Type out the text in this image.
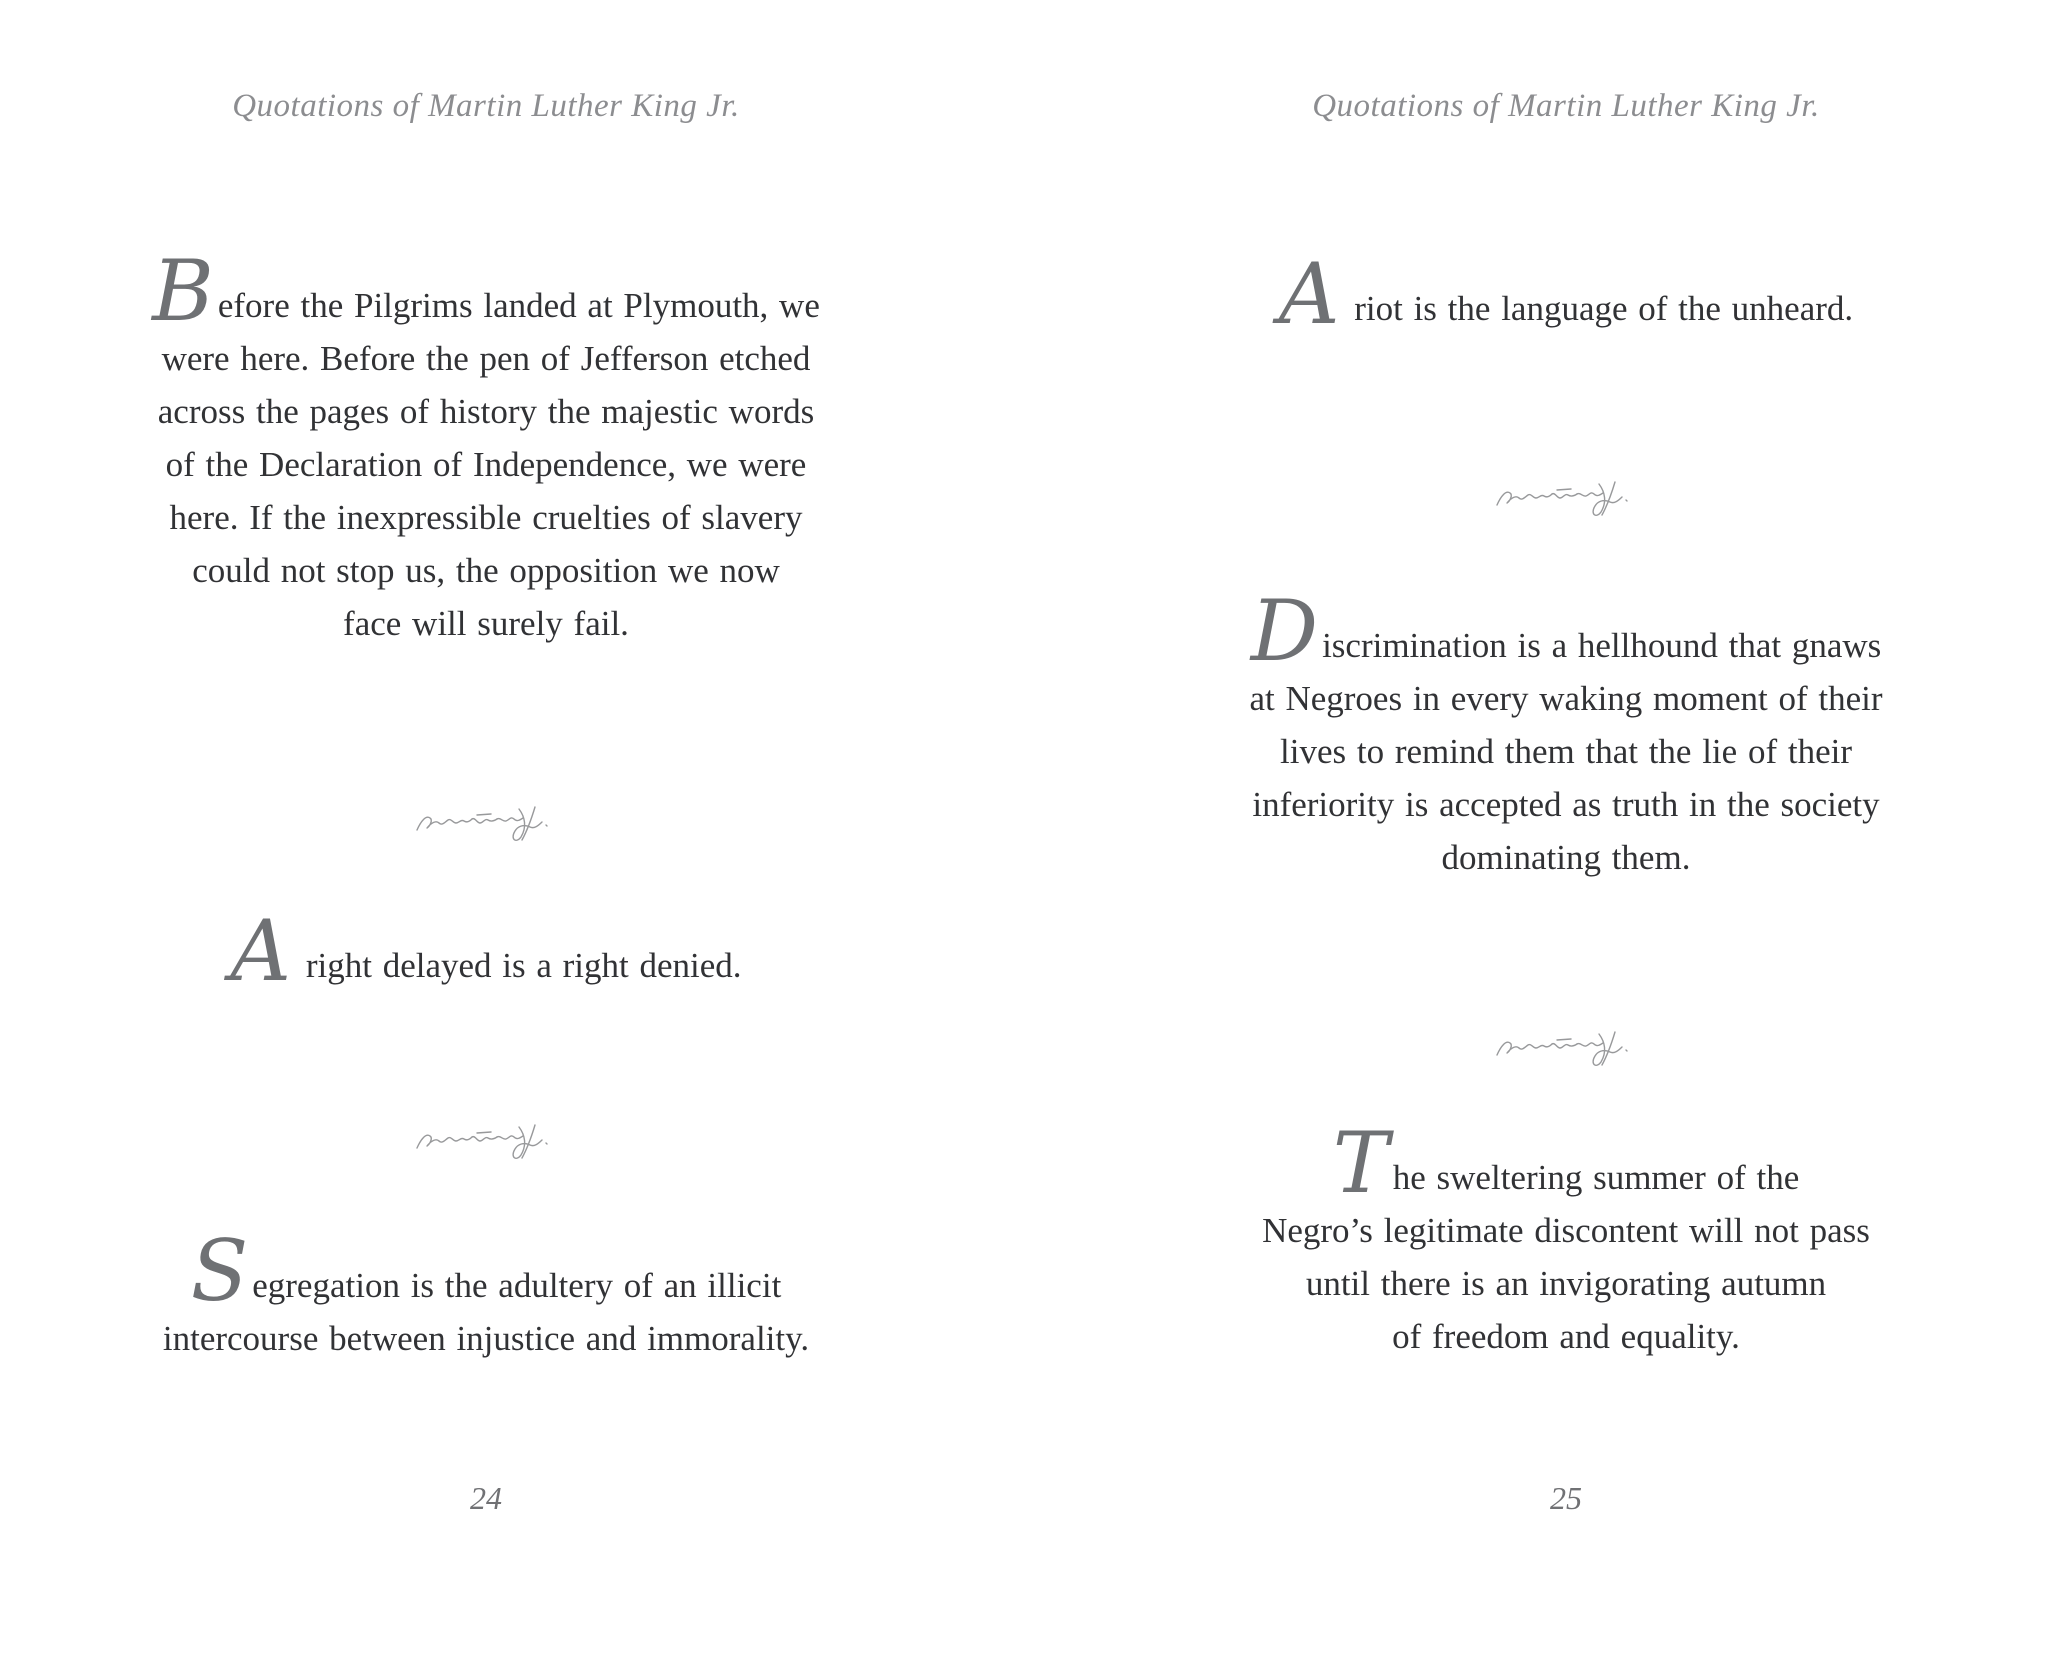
Quotations of Martin Luther King Jr.
Before the Pilgrims landed at Plymouth, we
were here. Before the pen of Jefferson etched
across the pages of history the majestic words
of the Declaration of Independence, we were
here. If the inexpressible cruelties of slavery
could not stop us, the opposition we now
face will surely fail.
A right delayed is a right denied.
Segregation is the adultery of an illicit
intercourse between injustice and immorality.
24
Quotations of Martin Luther King Jr.
A riot is the language of the unheard.
Discrimination is a hellhound that gnaws
at Negroes in every waking moment of their
lives to remind them that the lie of their
inferiority is accepted as truth in the society
dominating them.
The sweltering summer of the
Negro’s legitimate discontent will not pass
until there is an invigorating autumn
of freedom and equality.
25
